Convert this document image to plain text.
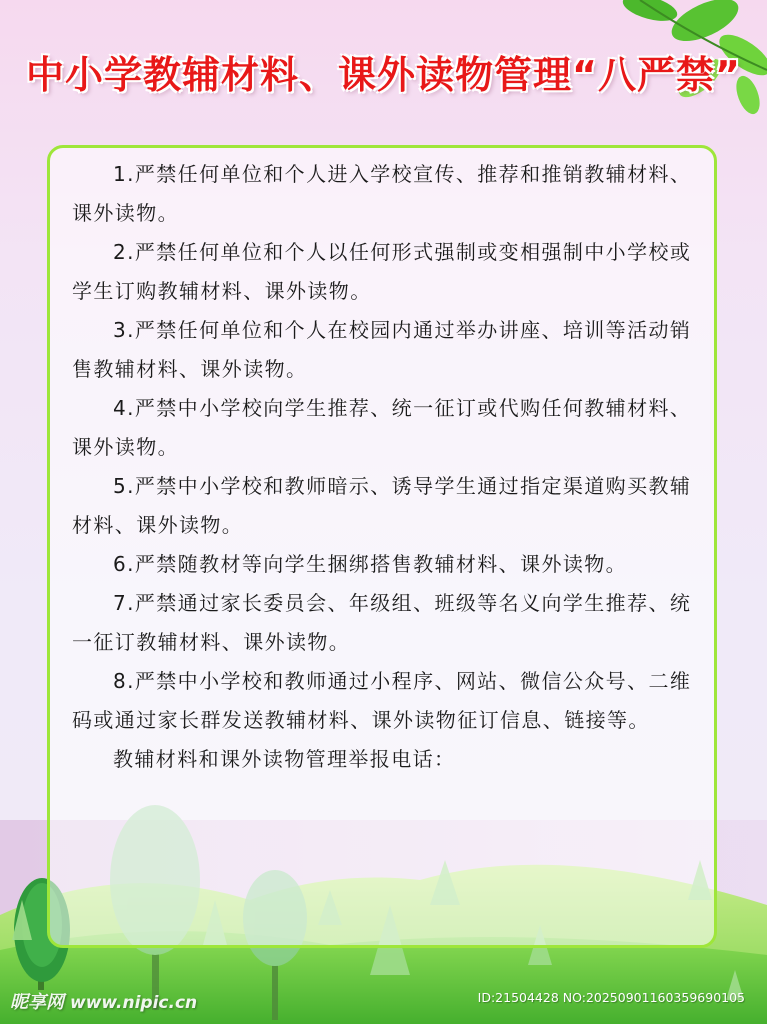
中小学教辅材料、课外读物管理“八严禁”

1.严禁任何单位和个人进入学校宣传、推荐和推销教辅材料、课外读物。

2.严禁任何单位和个人以任何形式强制或变相强制中小学校或学生订购教辅材料、课外读物。

3.严禁任何单位和个人在校园内通过举办讲座、培训等活动销售教辅材料、课外读物。

4.严禁中小学校向学生推荐、统一征订或代购任何教辅材料、课外读物。

5.严禁中小学校和教师暗示、诱导学生通过指定渠道购买教辅材料、课外读物。

6.严禁随教材等向学生捆绑搭售教辅材料、课外读物。

7.严禁通过家长委员会、年级组、班级等名义向学生推荐、统一征订教辅材料、课外读物。

8.严禁中小学校和教师通过小程序、网站、微信公众号、二维码或通过家长群发送教辅材料、课外读物征订信息、链接等。

教辅材料和课外读物管理举报电话：

昵享网 www.nipic.cn	ID:21504428 NO:20250901160359690105
